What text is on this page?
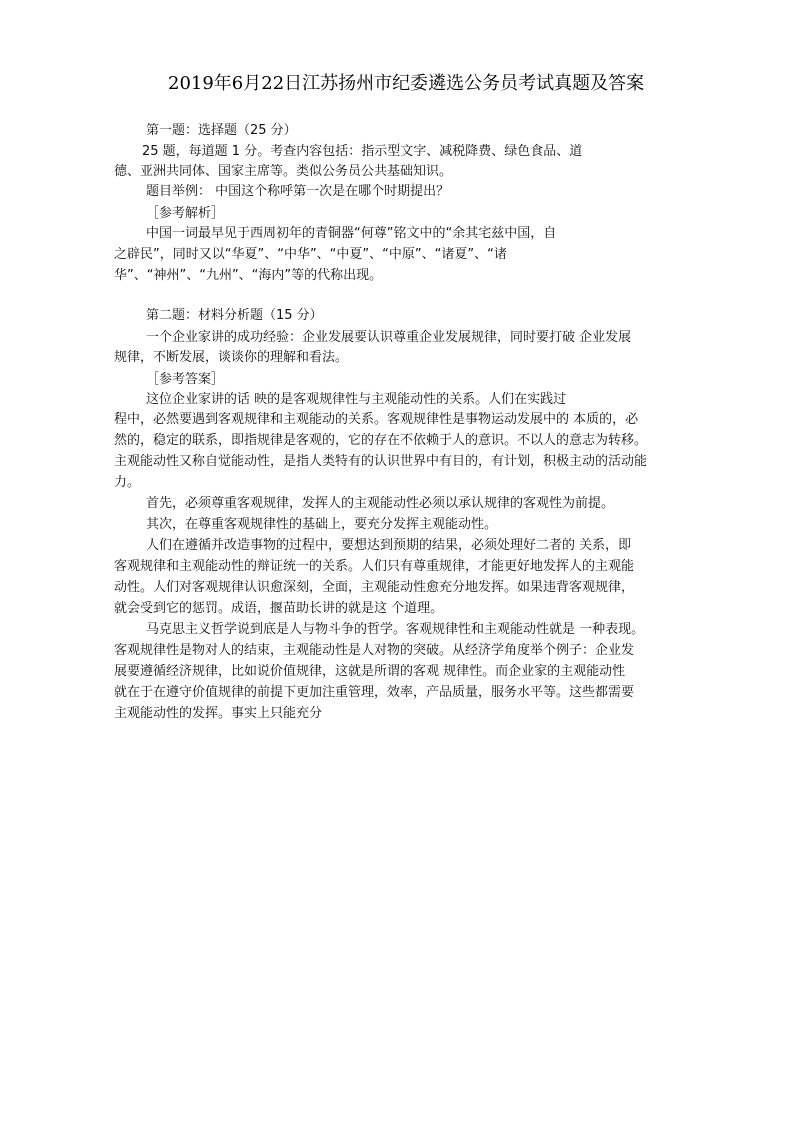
2019年6月22日江苏扬州市纪委遴选公务员考试真题及答案
第一题：选择题（25 分）
25 题，每道题 1 分。考查内容包括：指示型文字、减税降费、绿色食品、道
德、亚洲共同体、国家主席等。类似公务员公共基础知识。
题目举例： 中国这个称呼第一次是在哪个时期提出？
［参考解析］
中国一词最早见于西周初年的青铜器“何尊”铭文中的“余其宅兹中国，自
之辟民”，同时又以“华夏”、“中华”、“中夏”、“中原”、“诸夏”、“诸
华”、“神州”、“九州”、“海内”等的代称出现。
第二题：材料分析题（15 分）
一个企业家讲的成功经验：企业发展要认识尊重企业发展规律，同时要打破 企业发展
规律，不断发展，谈谈你的理解和看法。
［参考答案］
这位企业家讲的话 映的是客观规律性与主观能动性的关系。人们在实践过
程中，必然要遇到客观规律和主观能动的关系。客观规律性是事物运动发展中的 本质的，必
然的，稳定的联系，即指规律是客观的，它的存在不依赖于人的意识。不以人的意志为转移。
主观能动性又称自觉能动性，是指人类特有的认识世界中有目的，有计划，积极主动的活动能
力。
首先，必须尊重客观规律，发挥人的主观能动性必须以承认规律的客观性为前提。
其次，在尊重客观规律性的基础上，要充分发挥主观能动性。
人们在遵循并改造事物的过程中，要想达到预期的结果，必须处理好二者的 关系，即
客观规律和主观能动性的辩证统一的关系。人们只有尊重规律，才能更好地发挥人的主观能
动性。人们对客观规律认识愈深刻，全面，主观能动性愈充分地发挥。如果违背客观规律，
就会受到它的惩罚。成语，揠苗助长讲的就是这 个道理。
马克思主义哲学说到底是人与物斗争的哲学。客观规律性和主观能动性就是 一种表现。
客观规律性是物对人的结束，主观能动性是人对物的突破。从经济学角度举个例子：企业发
展要遵循经济规律，比如说价值规律，这就是所谓的客观 规律性。而企业家的主观能动性
就在于在遵守价值规律的前提下更加注重管理，效率，产品质量，服务水平等。这些都需要
主观能动性的发挥。事实上只能充分
